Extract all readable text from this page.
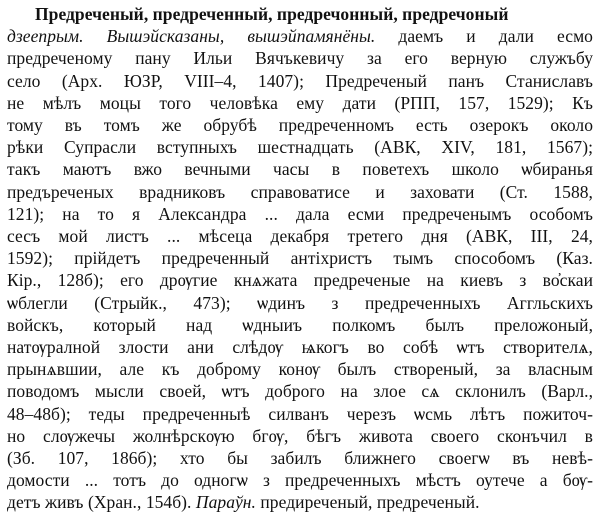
Предреченый, предреченный, предречонный, предречоный
дзеепрым. Вышэйсказаны, вышэйпамянёны. даемъ и дали есмо
предреченому пану Ильи Вячъкевичу за его верную служъбу
село (Арх. ЮЗР, VIII–4, 1407); Предреченый панъ Станиславъ
не мѣлъ моцы того человѣка ему дати (РПП, 157, 1529); Къ
тому въ томъ же обрубѣ предреченномъ есть озерокъ около
рѣки Супрасли вступныхъ шестнадцать (АВК, XIV, 181, 1567);
такъ маютъ вжо вечными часы в поветехъ школо ѡбиранья
предъреченых врадниковъ справоватисе и заховати (Ст. 1588,
121); на то я Александра ... дала есми предреченымъ особомъ
сесъ мой листъ ... мѣсеца декабря третего дня (АВК, III, 24,
1592); прійдетъ предреченный антіхристъ тымъ способомъ (Каз.
Кір., 128б); его дрѹгие кнѧжата предреченые на киевъ з во҆скаи
ѡблегли (Стрыйк., 473); ѡдинъ з предреченныхъ Аггльскихъ
войскъ, который над ѡдныиъ полкомъ былъ преложоный,
натѹралной злости ани слѣдѹ ѩкогъ во собѣ ѡтъ створителѧ,
прынѧвшии, але къ доброму конѹ былъ створеный, за власным
поводомъ мысли своей, ѡтъ доброго на злое сѧ склонилъ (Варл.,
48–48б); теды предреченныѣ силванъ черезъ ѡсмь лѣтъ пожиточ-
но слѹжечы жолнѣрскѹю бгѹ, бѣгъ живота своего сконъчил в
(Зб. 107, 186б); хто бы забилъ ближнего своегѡ въ невѣ-
домости ... тотъ до одногѡ з предреченныхъ мѣстъ оутече а бѹ-
детъ живъ (Хран., 154б). Параўн. предиреченый, предреченый.
